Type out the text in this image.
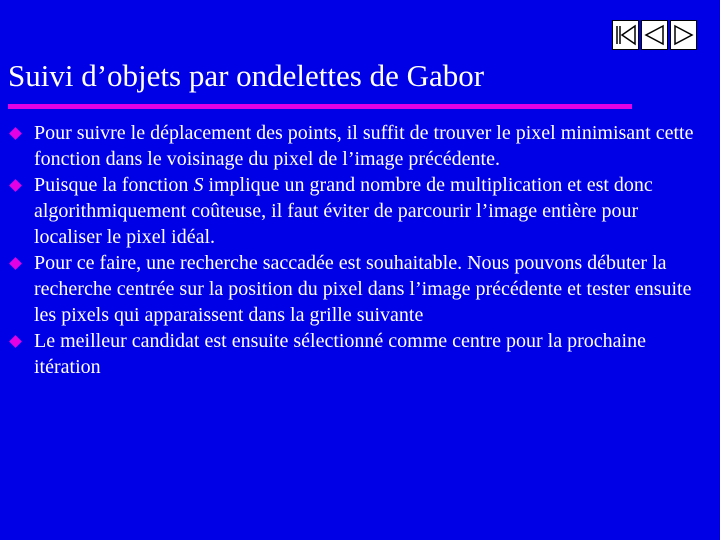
Suivi d’objets par ondelettes de Gabor
Pour suivre le déplacement des points, il suffit de trouver le pixel minimisant cette fonction dans le voisinage du pixel de l’image précédente.
Puisque la fonction S implique un grand nombre de multiplication et est donc algorithmiquement coûteuse, il faut éviter de parcourir l’image entière pour localiser le pixel idéal.
Pour ce faire, une recherche saccadée est souhaitable. Nous pouvons débuter la recherche centrée sur la position du pixel dans l’image précédente et tester ensuite les pixels qui apparaissent dans la grille suivante
Le meilleur candidat est ensuite sélectionné comme centre pour la prochaine itération
